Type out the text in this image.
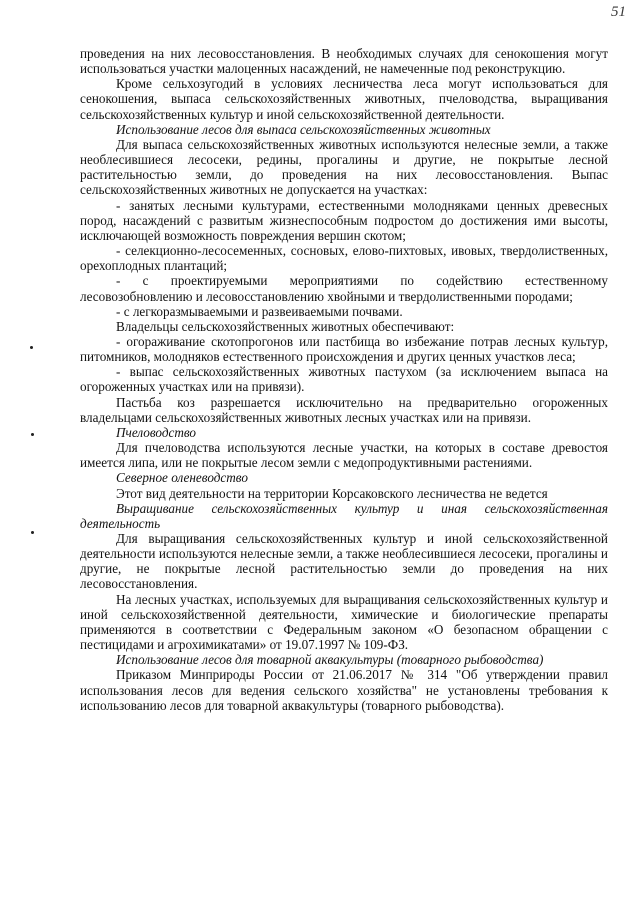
51

проведения на них лесовосстановления. В необходимых случаях для сенокошения могут использоваться участки малоценных насаждений, не намеченные под реконструкцию.

Кроме сельхозугодий в условиях лесничества леса могут использоваться для сенокошения, выпаса сельскохозяйственных животных, пчеловодства, выращивания сельскохозяйственных культур и иной сельскохозяйственной деятельности.

Использование лесов для выпаса сельскохозяйственных животных

Для выпаса сельскохозяйственных животных используются нелесные земли, а также необлесившиеся лесосеки, редины, прогалины и другие, не покрытые лесной растительностью земли, до проведения на них лесовосстановления. Выпас сельскохозяйственных животных не допускается на участках:

- занятых лесными культурами, естественными молодняками ценных древесных пород, насаждений с развитым жизнеспособным подростом до достижения ими высоты, исключающей возможность повреждения вершин скотом;

- селекционно-лесосеменных, сосновых, елово-пихтовых, ивовых, твердолиственных, орехоплодных плантаций;

- с проектируемыми мероприятиями по содействию естественному лесовозобновлению и лесовосстановлению хвойными и твердолиственными породами;

- с легкоразмываемыми и развеиваемыми почвами.

Владельцы сельскохозяйственных животных обеспечивают:

- огораживание скотопрогонов или пастбища во избежание потрав лесных культур, питомников, молодняков естественного происхождения и других ценных участков леса;

- выпас сельскохозяйственных животных пастухом (за исключением выпаса на огороженных участках или на привязи).

Пастьба коз разрешается исключительно на предварительно огороженных владельцами сельскохозяйственных животных лесных участках или на привязи.

Пчеловодство

Для пчеловодства используются лесные участки, на которых в составе древостоя имеется липа, или не покрытые лесом земли с медопродуктивными растениями.

Северное оленеводство

Этот вид деятельности на территории Корсаковского лесничества не ведется

Выращивание сельскохозяйственных культур и иная сельскохозяйственная деятельность

Для выращивания сельскохозяйственных культур и иной сельскохозяйственной деятельности используются нелесные земли, а также необлесившиеся лесосеки, прогалины и другие, не покрытые лесной растительностью земли до проведения на них лесовосстановления.

На лесных участках, используемых для выращивания сельскохозяйственных культур и иной сельскохозяйственной деятельности, химические и биологические препараты применяются в соответствии с Федеральным законом «О безопасном обращении с пестицидами и агрохимикатами» от 19.07.1997 № 109-ФЗ.

Использование лесов для товарной аквакультуры (товарного рыбоводства)

Приказом Минприроды России от 21.06.2017 № 314 "Об утверждении правил использования лесов для ведения сельского хозяйства" не установлены требования к использованию лесов для товарной аквакультуры (товарного рыбоводства).
